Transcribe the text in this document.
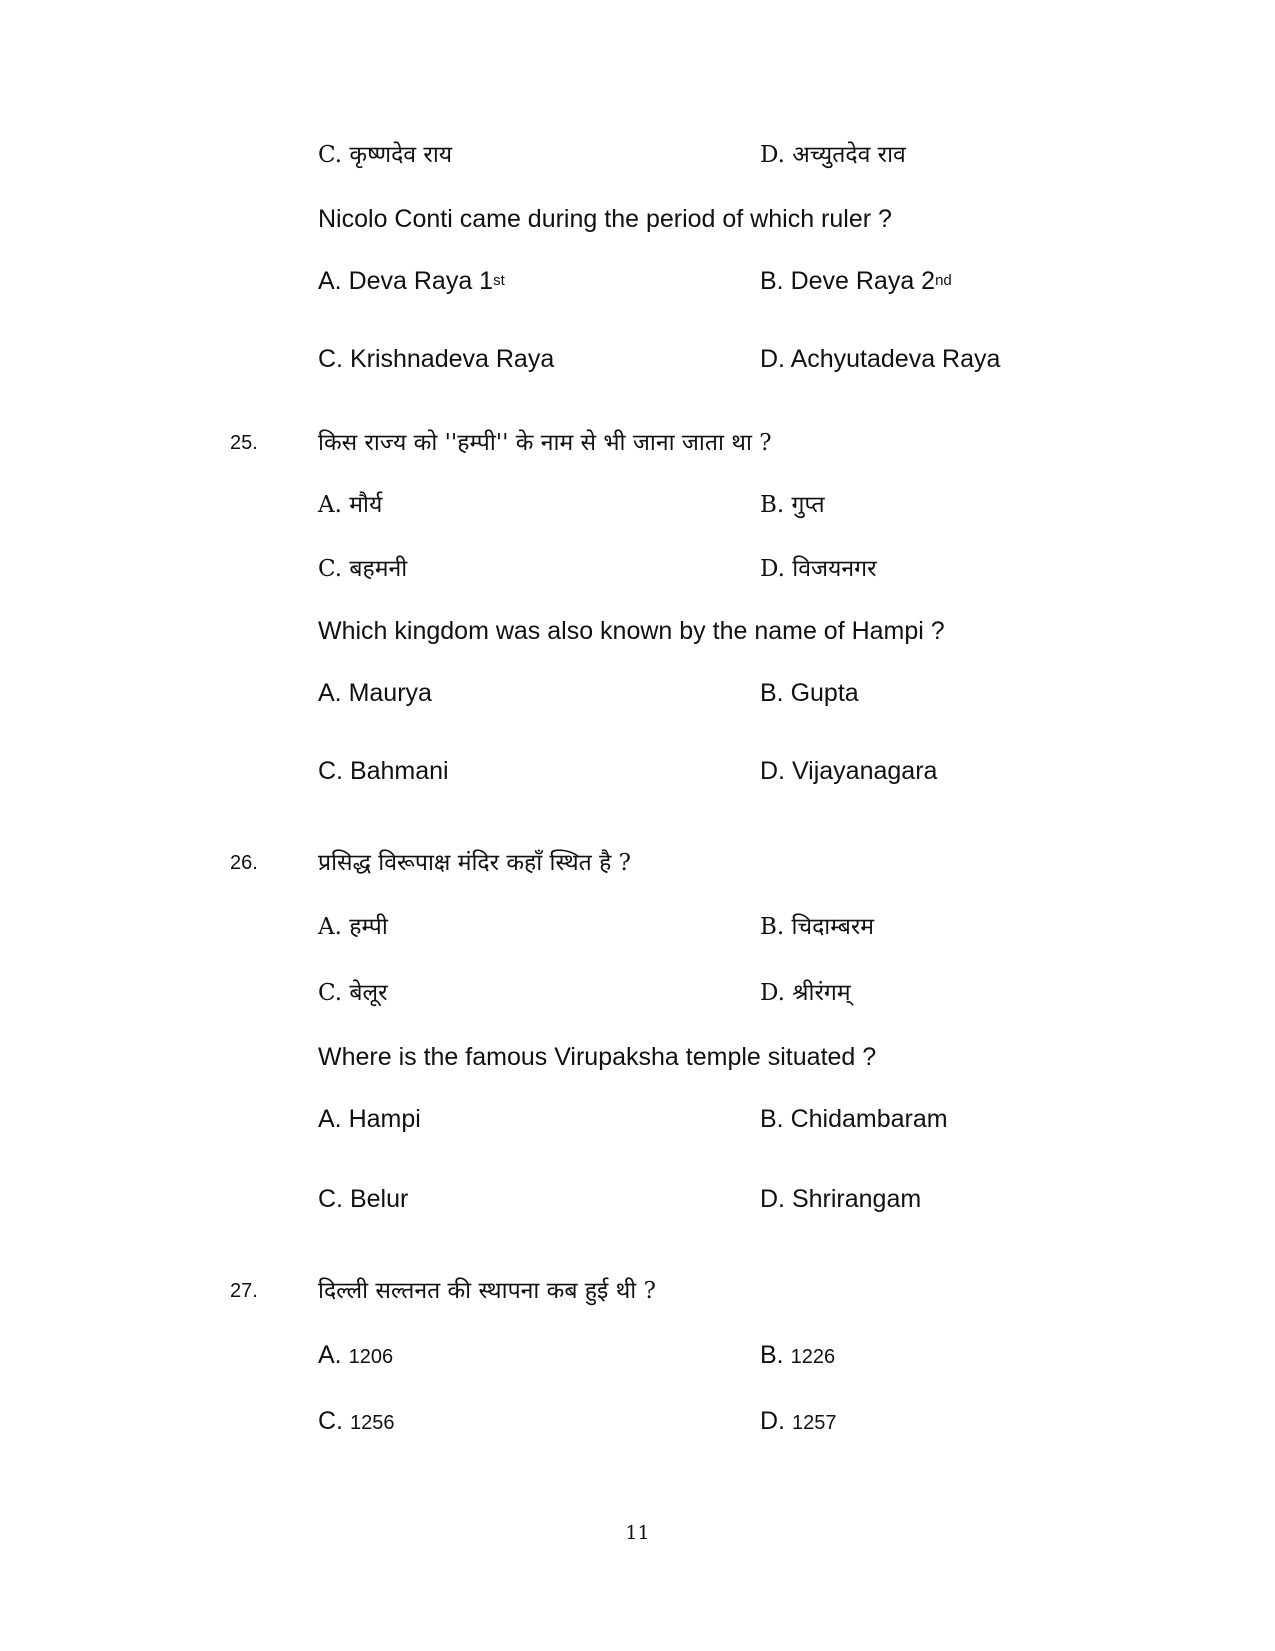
C. कृष्णदेव राय	D. अच्युतदेव राव
Nicolo Conti came during the period of which ruler ?
A. Deva Raya 1st	B. Deve Raya 2nd
C. Krishnadeva Raya	D. Achyutadeva Raya
25.	किस राज्य को ''हम्पी'' के नाम से भी जाना जाता था ?
A. मौर्य	B. गुप्त
C. बहमनी	D. विजयनगर
Which kingdom was also known by the name of Hampi ?
A. Maurya	B. Gupta
C. Bahmani	D. Vijayanagara
26.	प्रसिद्ध विरूपाक्ष मंदिर कहाँ स्थित है ?
A. हम्पी	B. चिदाम्बरम
C. बेलूर	D. श्रीरंगम्
Where is the famous Virupaksha temple situated ?
A. Hampi	B. Chidambaram
C. Belur	D. Shrirangam
27.	दिल्ली सल्तनत की स्थापना कब हुई थी ?
A. 1206	B. 1226
C. 1256	D. 1257
11
